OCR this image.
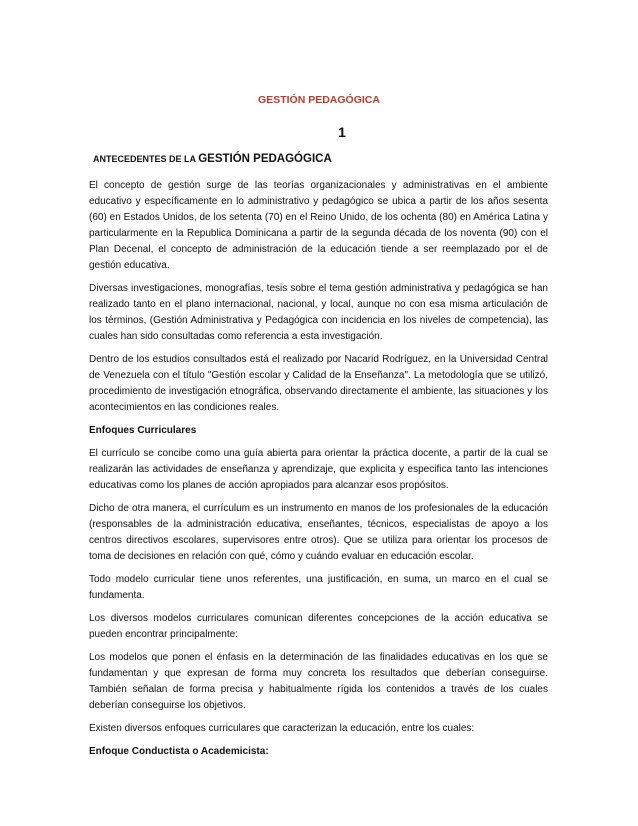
GESTIÓN PEDAGÓGICA
1
ANTECEDENTES DE LA GESTIÓN PEDAGÓGICA

El concepto de gestión surge de las teorías organizacionales y administrativas en el ambiente educativo y específicamente en lo administrativo y pedagógico se ubica a partir de los años sesenta (60) en Estados Unidos, de los setenta (70) en el Reino Unido, de los ochenta (80) en América Latina y particularmente en la Republica Dominicana a partir de la segunda década de los noventa (90) con el Plan Decenal, el concepto de administración de la educación tiende a ser reemplazado por el de gestión educativa.

Diversas investigaciones, monografías, tesis sobre el tema gestión administrativa y pedagógica se han realizado tanto en el plano internacional, nacional, y local, aunque no con esa misma articulación de los términos, (Gestión Administrativa y Pedagógica con incidencia en los niveles de competencia), las cuales han sido consultadas como referencia a esta investigación.

Dentro de los estudios consultados está el realizado por Nacarid Rodríguez, en la Universidad Central de Venezuela con el título "Gestión escolar y Calidad de la Enseñanza". La metodología que se utilizó, procedimiento de investigación etnográfica, observando directamente el ambiente, las situaciones y los acontecimientos en las condiciones reales.

Enfoques Curriculares

El currículo se concibe como una guía abierta para orientar la práctica docente, a partir de la cual se realizarán las actividades de enseñanza y aprendizaje, que explicita y especifica tanto las intenciones educativas como los planes de acción apropiados para alcanzar esos propósitos.

Dicho de otra manera, el currículum es un instrumento en manos de los profesionales de la educación (responsables de la administración educativa, enseñantes, técnicos, especialistas de apoyo a los centros directivos escolares, supervisores entre otros). Que se utiliza para orientar los procesos de toma de decisiones en relación con qué, cómo y cuándo evaluar en educación escolar.

Todo modelo curricular tiene unos referentes, una justificación, en suma, un marco en el cual se fundamenta.

Los diversos modelos curriculares comunican diferentes concepciones de la acción educativa se pueden encontrar principalmente:

Los modelos que ponen el énfasis en la determinación de las finalidades educativas en los que se fundamentan y que expresan de forma muy concreta los resultados que deberían conseguirse. También señalan de forma precisa y habitualmente rígida los contenidos a través de los cuales deberían conseguirse los objetivos.

Existen diversos enfoques curriculares que caracterizan la educación, entre los cuales:

Enfoque Conductista o Academicista:
